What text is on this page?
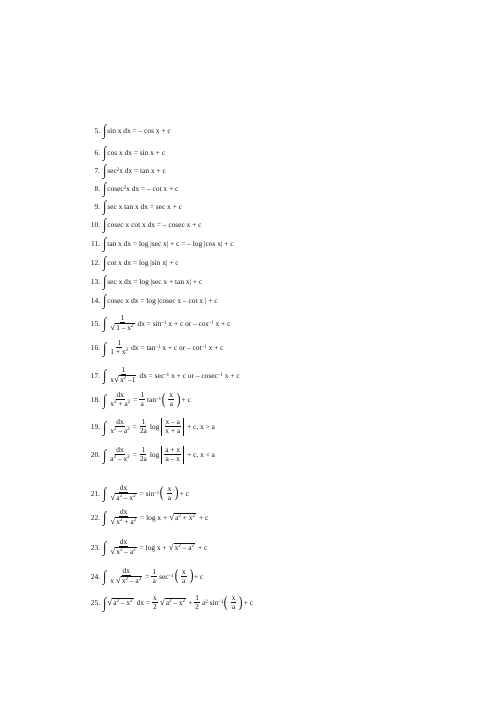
5. ∫ sin x dx = – cos x + c
6. ∫ cos x dx = sin x + c
7. ∫ sec 2 x dx = tan x + c
8. ∫ cosec 2 x dx = – cot x + c
9. ∫ sec x tan x dx = sec x + c
10. ∫ cosec x cot x dx = – cosec x + c
11. ∫ tan x dx = log |sec x| + c = – log |cos x| + c
12. ∫ cot x dx = log |sin x| + c
13. ∫ sec x dx = log |sec x + tan x| + c
14. ∫ cosec x dx = log |cosec x – cot x | + c
15. ∫ $\frac{1}{√ 1 - x^2}$ dx = sin –1 x + c or – cos –1 x + c
16. ∫ $\frac{1}{1 + x^2}$ dx = tan –1 x + c or – cot –1 x + c
17. ∫ $\frac{1}{x √ x^2 -1}$ dx = sec –1 x + c or – cosec –1 x + c
18. ∫ $\frac{dx}{x^2 + a^2} = \frac{1}{a}$ tan –1 ( $\frac{x}{a}$ ) + c
19. ∫ $\frac{dx}{x^2 - a^2} = \frac{1}{2a}$ $\log \frac{x - a}{x + a} + c$, x > a
20. ∫ $\frac{dx}{a^2 - x^2} = \frac{1}{2a}$ $\log \frac{a + x}{a - x} + c$, x < a
21. ∫ $\frac{dx}{√ a^2 - x^2} = \sin -1$ ( $\frac{x}{a}$ ) + c
22. ∫ $\frac{dx}{√ x^2 + a^2} = \log x$ + √ $a^2 + x^2 + c$
23. ∫ $\frac{dx}{√ x^2 - a^2} = \log x$ + √ $x^2 - a^2 + c$
24. ∫ $\frac{dx}{x √ x^2 - a^2} = \frac{1}{a}$ sec –1 ( $\frac{x}{a}$ ) + c
25. ∫ √ $a^2 - x^2$ dx = $\frac{x}{2}$ √ $a^2 - x^2 + \frac{1}{2}$ a 2 sin –1 ( $\frac{x}{a}$ ) + c
